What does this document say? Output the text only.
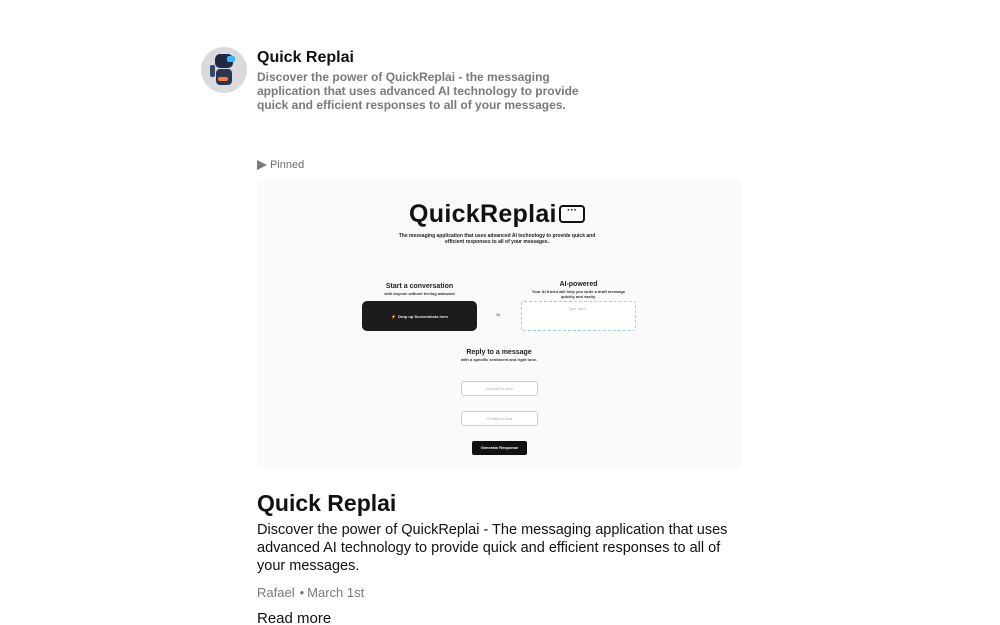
Quick Replai
Discover the power of QuickReplai - the messaging application that uses advanced AI technology to provide quick and efficient responses to all of your messages.
Pinned
QuickReplai	···
The messaging application that uses advanced AI technology to provide quick and efficient responses to all of your messages.
Start a conversation
with anyone without feeling awkward
⚡ Drop up Screenshots here	Or
AI-powered
Your AI friend will help you write a draft message quickly and easily.
Type here...
Reply to a message
with a specific sentiment and right tone.
Choose to who
Choose a tone
Generate Response
Quick Replai
Discover the power of QuickReplai - The messaging application that uses advanced AI technology to provide quick and efficient responses to all of your messages.
Rafael • March 1st
Read more
